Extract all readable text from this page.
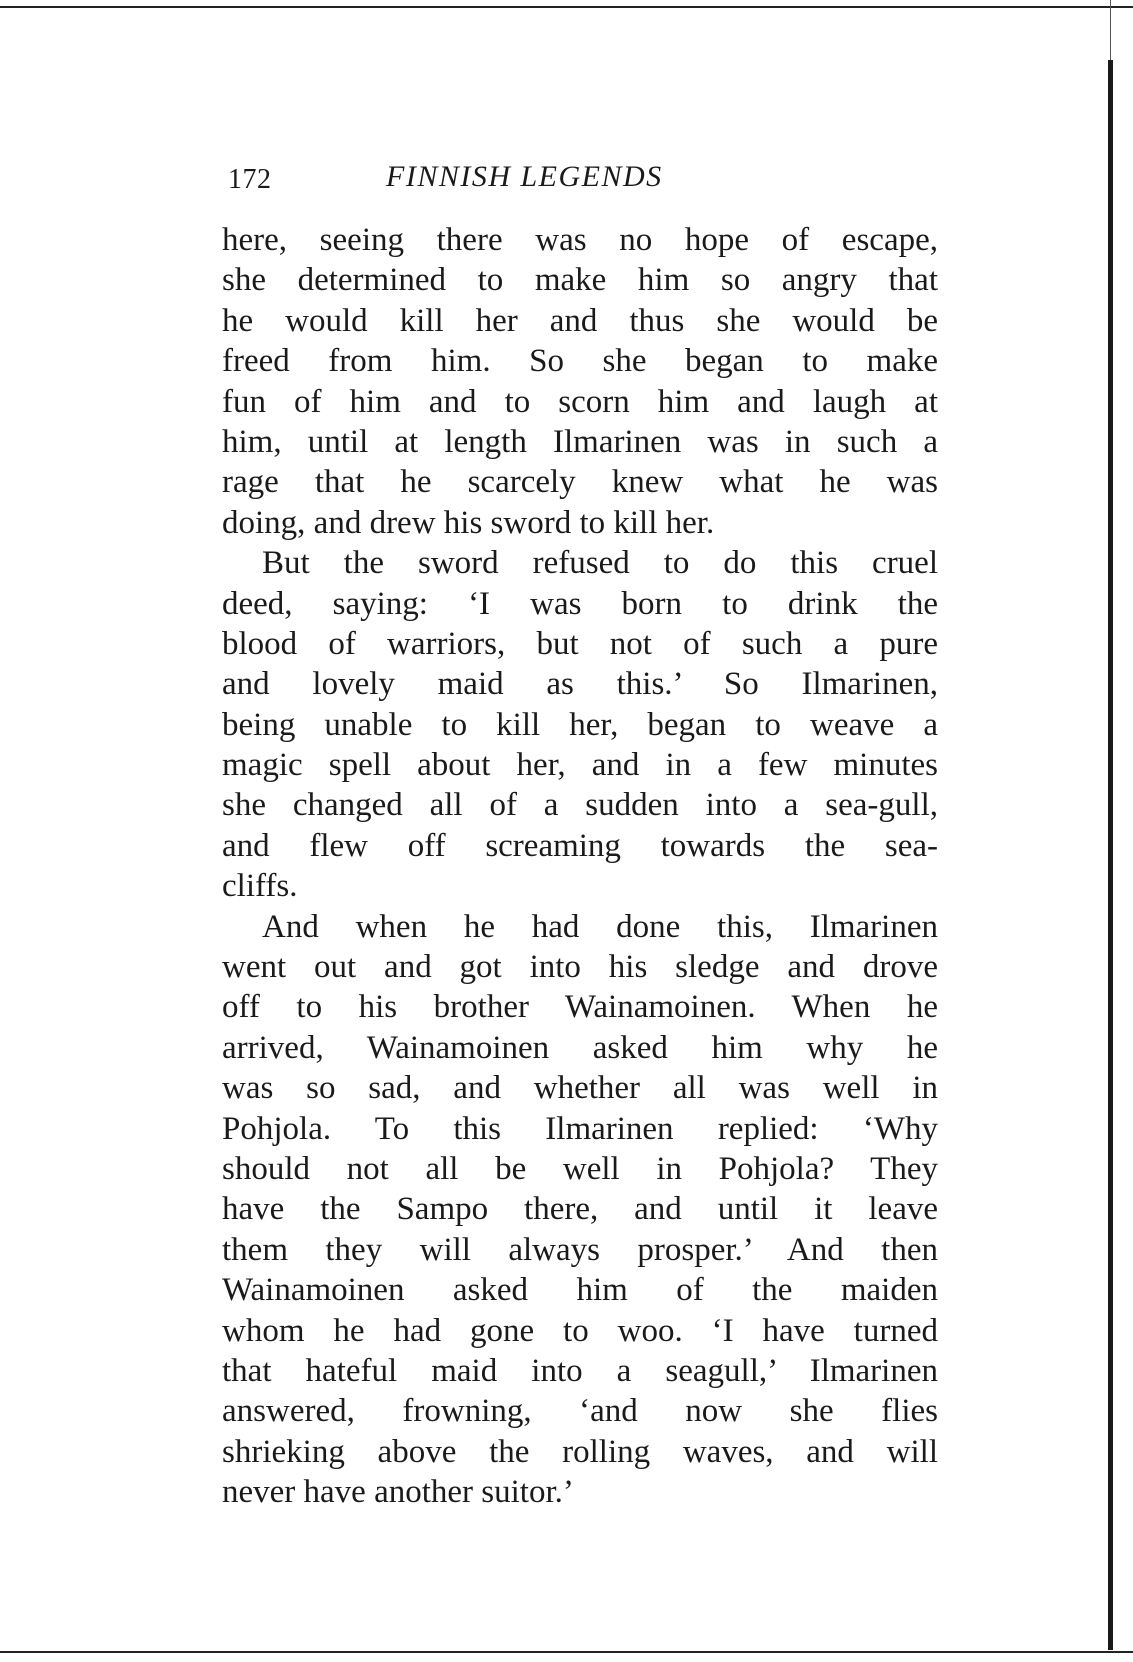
172	FINNISH LEGENDS
here, seeing there was no hope of escape,
she determined to make him so angry that
he would kill her and thus she would be
freed from him. So she began to make
fun of him and to scorn him and laugh at
him, until at length Ilmarinen was in such a
rage that he scarcely knew what he was
doing, and drew his sword to kill her.
But the sword refused to do this cruel
deed, saying: ‘I was born to drink the
blood of warriors, but not of such a pure
and lovely maid as this.’ So Ilmarinen,
being unable to kill her, began to weave a
magic spell about her, and in a few minutes
she changed all of a sudden into a sea-gull,
and flew off screaming towards the sea-
cliffs.
And when he had done this, Ilmarinen
went out and got into his sledge and drove
off to his brother Wainamoinen. When he
arrived, Wainamoinen asked him why he
was so sad, and whether all was well in
Pohjola. To this Ilmarinen replied: ‘Why
should not all be well in Pohjola? They
have the Sampo there, and until it leave
them they will always prosper.’ And then
Wainamoinen asked him of the maiden
whom he had gone to woo. ‘I have turned
that hateful maid into a seagull,’ Ilmarinen
answered, frowning, ‘and now she flies
shrieking above the rolling waves, and will
never have another suitor.’
